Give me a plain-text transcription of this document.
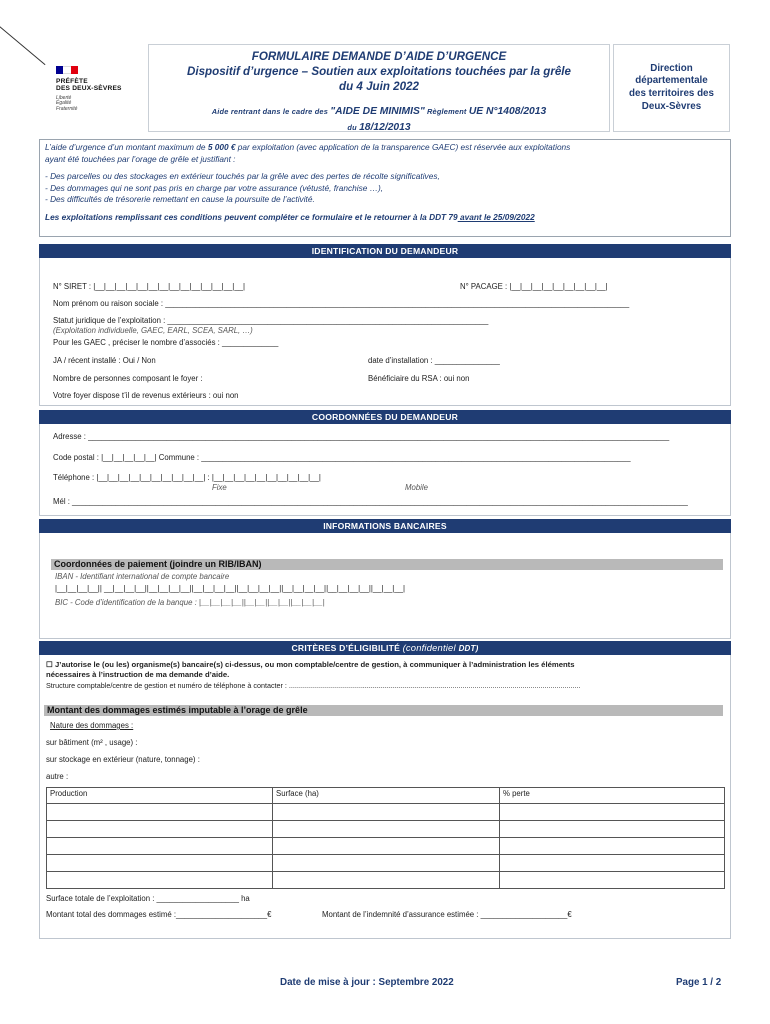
PRÉFÈTE
DES DEUX-SÈVRES
Liberté
Égalité
Fraternité
FORMULAIRE DEMANDE D’AIDE D’URGENCE
Dispositif d’urgence – Soutien aux exploitations touchées par la grêle
du 4 Juin 2022
Aide rentrant dans le cadre des "AIDE DE MINIMIS" Règlement UE N°1408/2013
du 18/12/2013
Direction
départementale
des territoires des
Deux-Sèvres

L’aide d’urgence d’un montant maximum de 5 000 € par exploitation (avec application de la transparence GAEC) est réservée aux exploitations

ayant été touchées par l’orage de grêle et justifiant :

- Des parcelles ou des stockages en extérieur touchés par la grêle avec des pertes de récolte significatives,

- Des dommages qui ne sont pas pris en charge par votre assurance (vétusté, franchise …),

- Des difficultés de trésorerie remettant en cause la poursuite de l’activité.

Les exploitations remplissant ces conditions peuvent compléter ce formulaire et le retourner à la DDT 79 avant le 25/09/2022

IDENTIFICATION DU DEMANDEUR
N° SIRET : |__|__|__|__|__|__|__|__|__|__|__|__|__|__|	N° PACAGE : |__|__|__|__|__|__|__|__|__|
Nom prénom ou raison sociale : ___________________________________________________________________________________________________________
Statut juridique de l’exploitation : __________________________________________________________________________
(Exploitation individuelle, GAEC, EARL, SCEA, SARL, …)
Pour les GAEC , préciser le nombre d’associés : _____________
JA / récent installé : Oui / Non	date d’installation : _______________
Nombre de personnes composant le foyer :	Bénéficiaire du RSA : oui non
Votre foyer dispose t’il de revenus extérieurs : oui non
COORDONNÉES DU DEMANDEUR
Adresse : ______________________________________________________________________________________________________________________________________
Code postal : |__|__|__|__|__| Commune : ___________________________________________________________________________________________________
Téléphone : |__|__|__|__|__|__|__|__|__|__| : |__|__|__|__|__|__|__|__|__|__|
Fixe	Mobile
Mél : ______________________________________________________________________________________________________________________________________________
INFORMATIONS BANCAIRES
Coordonnées de paiement (joindre un RIB/IBAN)
IBAN - Identifiant international de compte bancaire
|__|__|__|__|| __|__|__|__||__|__|__|__||__|__|__|__||__|__|__|__||__|__|__|__||__|__|__|__||__|__|__|
BIC - Code d’identification de la banque : |__|__|__|__||__|__||__|__||__|__|__|
CRITÈRES D’ÉLIGIBILITÉ (confidentiel DDT)
☐ J’autorise le (ou les) organisme(s) bancaire(s) ci-dessus, ou mon comptable/centre de gestion, à communiquer à l’administration les éléments
nécessaires à l’instruction de ma demande d’aide.
Structure comptable/centre de gestion et numéro de téléphone à contacter : ..................................................................................................................................................
Montant des dommages estimés imputable à l’orage de grêle
Nature des dommages :
sur bâtiment (m² , usage) :
sur stockage en extérieur (nature, tonnage) :
autre :
Production	Surface (ha)	% perte

Surface totale de l’exploitation : ___________________ ha
Montant total des dommages estimé :_____________________€	Montant de l’indemnité d’assurance estimée : ____________________€
Date de mise à jour : Septembre 2022	Page 1 / 2
